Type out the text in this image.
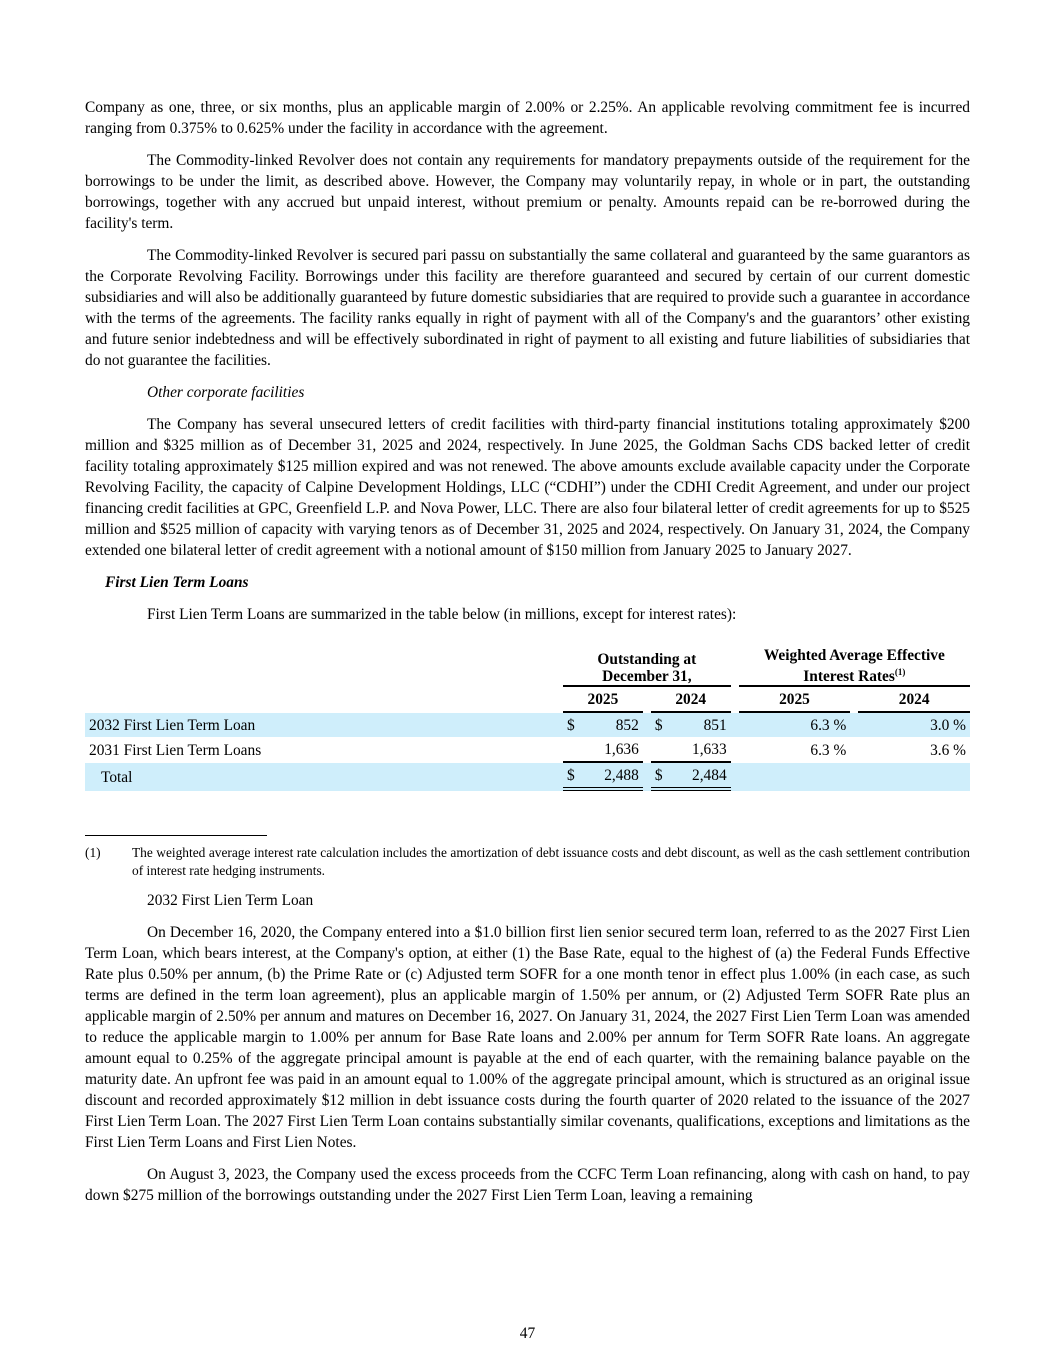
Company as one, three, or six months, plus an applicable margin of 2.00% or 2.25%. An applicable revolving commitment fee is incurred ranging from 0.375% to 0.625% under the facility in accordance with the agreement.

The Commodity-linked Revolver does not contain any requirements for mandatory prepayments outside of the requirement for the borrowings to be under the limit, as described above. However, the Company may voluntarily repay, in whole or in part, the outstanding borrowings, together with any accrued but unpaid interest, without premium or penalty. Amounts repaid can be re-borrowed during the facility's term.

The Commodity-linked Revolver is secured pari passu on substantially the same collateral and guaranteed by the same guarantors as the Corporate Revolving Facility. Borrowings under this facility are therefore guaranteed and secured by certain of our current domestic subsidiaries and will also be additionally guaranteed by future domestic subsidiaries that are required to provide such a guarantee in accordance with the terms of the agreements. The facility ranks equally in right of payment with all of the Company's and the guarantors’ other existing and future senior indebtedness and will be effectively subordinated in right of payment to all existing and future liabilities of subsidiaries that do not guarantee the facilities.

Other corporate facilities

The Company has several unsecured letters of credit facilities with third-party financial institutions totaling approximately $200 million and $325 million as of December 31, 2025 and 2024, respectively. In June 2025, the Goldman Sachs CDS backed letter of credit facility totaling approximately $125 million expired and was not renewed. The above amounts exclude available capacity under the Corporate Revolving Facility, the capacity of Calpine Development Holdings, LLC (“CDHI”) under the CDHI Credit Agreement, and under our project financing credit facilities at GPC, Greenfield L.P. and Nova Power, LLC. There are also four bilateral letter of credit agreements for up to $525 million and $525 million of capacity with varying tenors as of December 31, 2025 and 2024, respectively. On January 31, 2024, the Company extended one bilateral letter of credit agreement with a notional amount of $150 million from January 2025 to January 2027.

First Lien Term Loans

First Lien Term Loans are summarized in the table below (in millions, except for interest rates):

	Outstanding at December 31,				Weighted Average Effective Interest Rates$^{(1)}$
	2025		2024		2025		2024
2032 First Lien Term Loan	$ 852		$ 851		6.3 %		3.0 %
2031 First Lien Term Loans	1,636		1,633		6.3 %		3.6 %
Total	$ 2,488		$ 2,484				
(1)	The weighted average interest rate calculation includes the amortization of debt issuance costs and debt discount, as well as the cash settlement contribution of interest rate hedging instruments.

2032 First Lien Term Loan

On December 16, 2020, the Company entered into a $1.0 billion first lien senior secured term loan, referred to as the 2027 First Lien Term Loan, which bears interest, at the Company's option, at either (1) the Base Rate, equal to the highest of (a) the Federal Funds Effective Rate plus 0.50% per annum, (b) the Prime Rate or (c) Adjusted term SOFR for a one month tenor in effect plus 1.00% (in each case, as such terms are defined in the term loan agreement), plus an applicable margin of 1.50% per annum, or (2) Adjusted Term SOFR Rate plus an applicable margin of 2.50% per annum and matures on December 16, 2027. On January 31, 2024, the 2027 First Lien Term Loan was amended to reduce the applicable margin to 1.00% per annum for Base Rate loans and 2.00% per annum for Term SOFR Rate loans. An aggregate amount equal to 0.25% of the aggregate principal amount is payable at the end of each quarter, with the remaining balance payable on the maturity date. An upfront fee was paid in an amount equal to 1.00% of the aggregate principal amount, which is structured as an original issue discount and recorded approximately $12 million in debt issuance costs during the fourth quarter of 2020 related to the issuance of the 2027 First Lien Term Loan. The 2027 First Lien Term Loan contains substantially similar covenants, qualifications, exceptions and limitations as the First Lien Term Loans and First Lien Notes.

On August 3, 2023, the Company used the excess proceeds from the CCFC Term Loan refinancing, along with cash on hand, to pay down $275 million of the borrowings outstanding under the 2027 First Lien Term Loan, leaving a remaining

47
